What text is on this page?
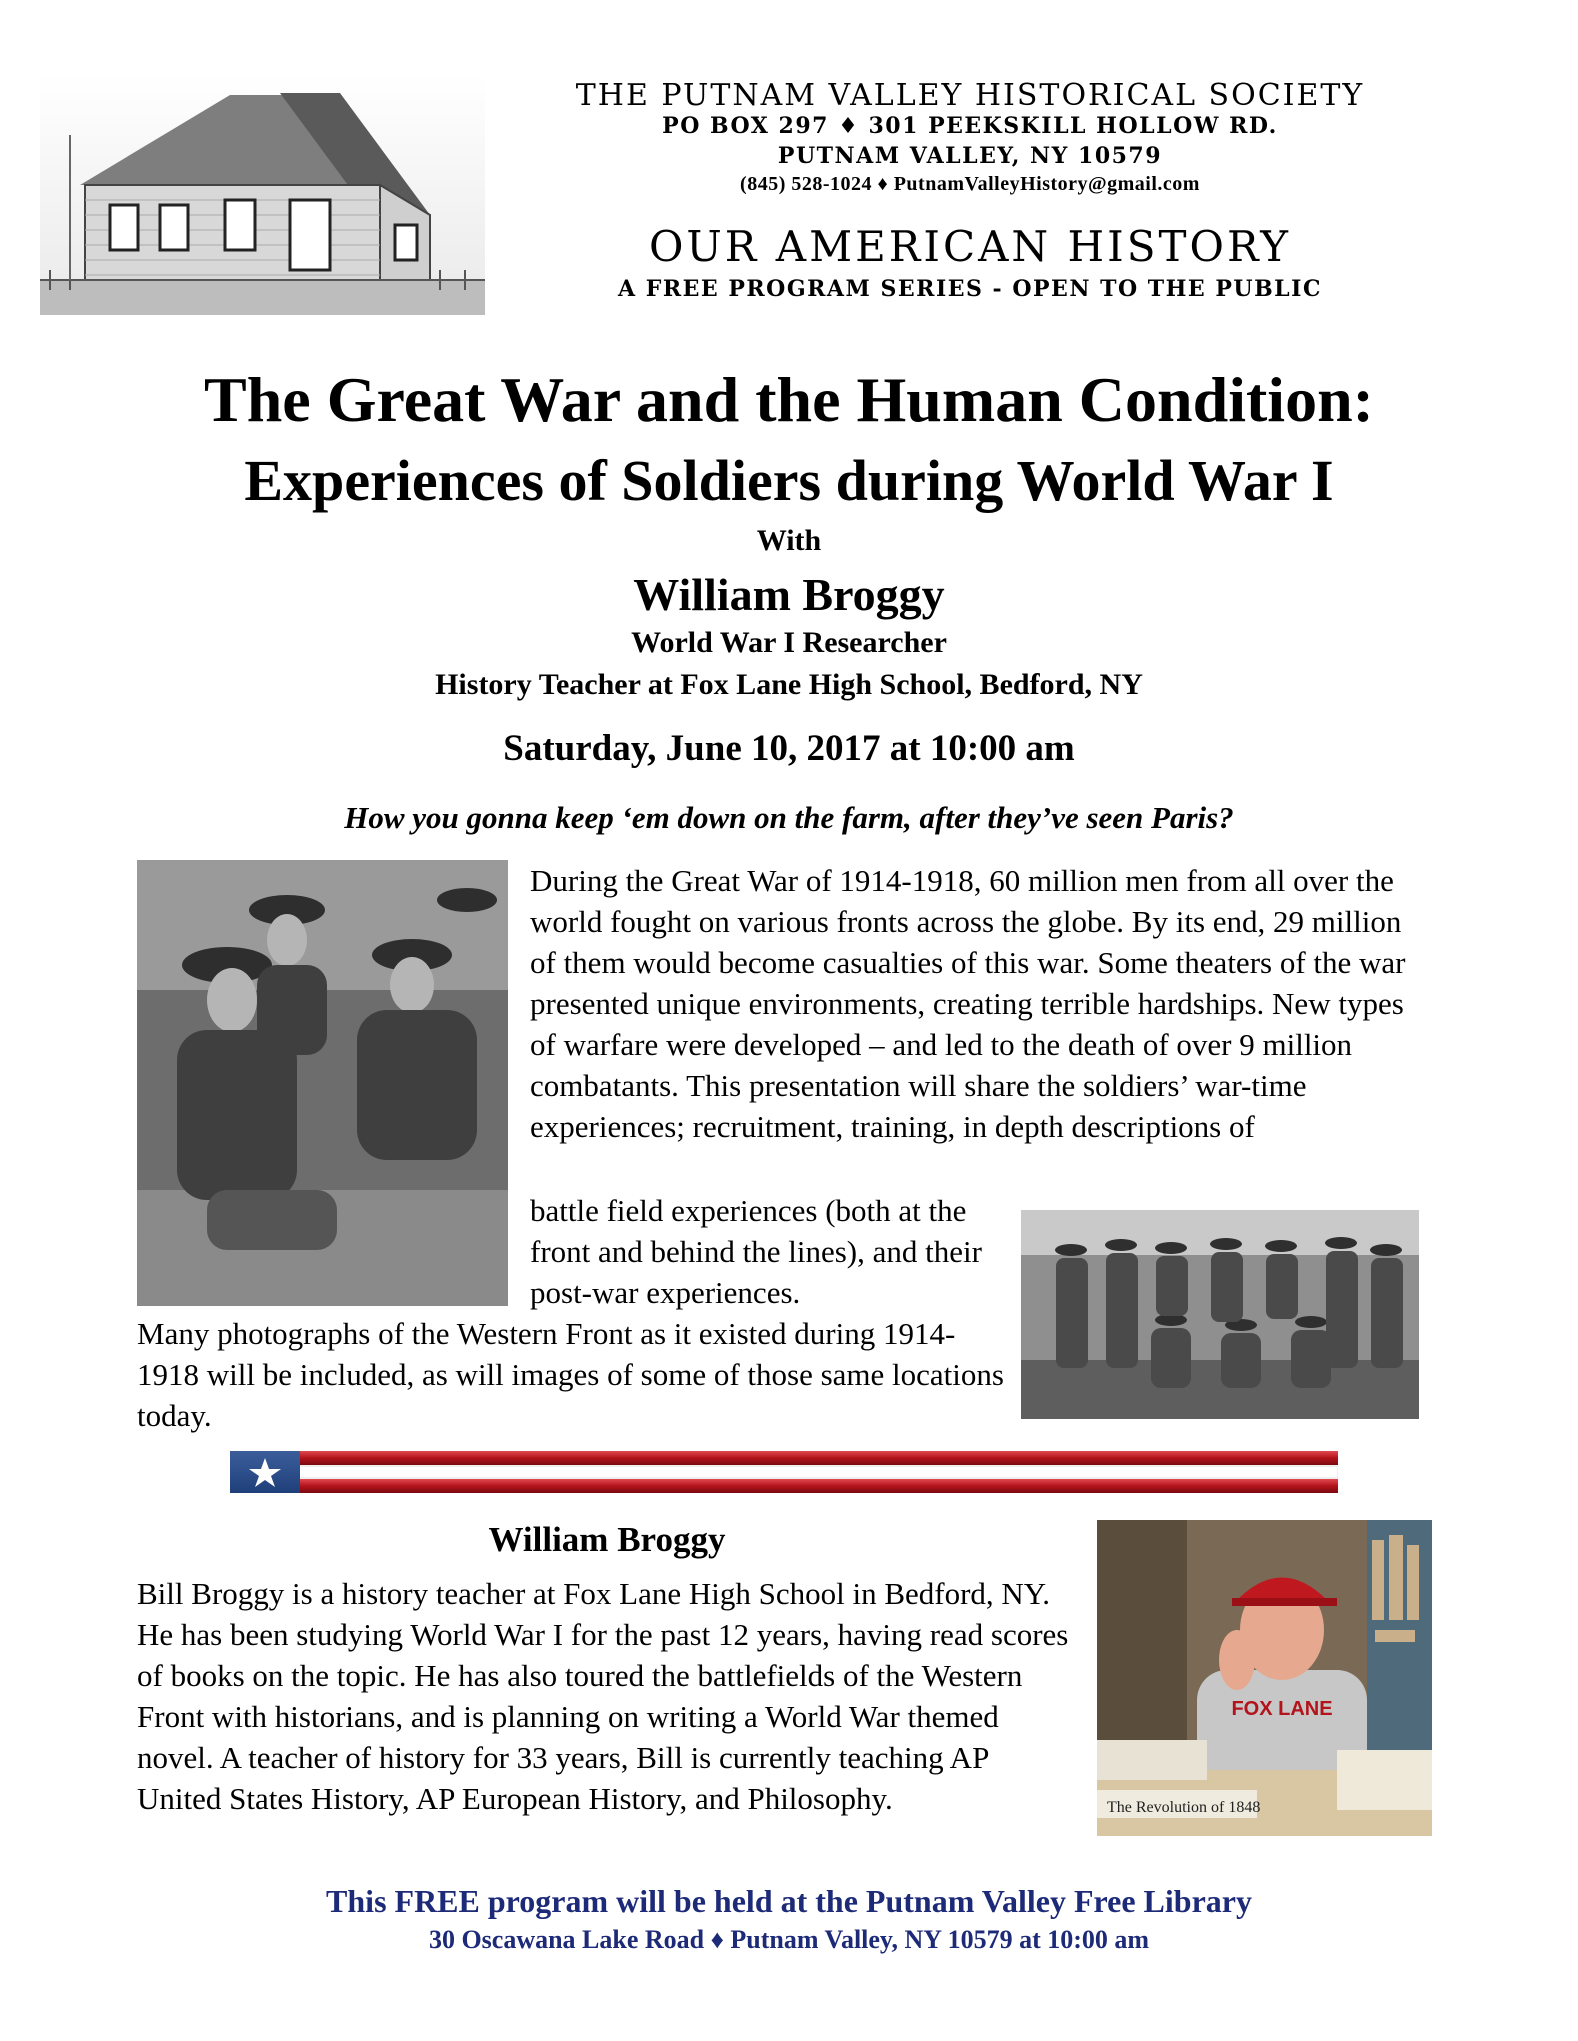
THE PUTNAM VALLEY HISTORICAL SOCIETY
PO BOX 297 ♦ 301 PEEKSKILL HOLLOW RD.
PUTNAM VALLEY, NY 10579
(845) 528-1024 ♦ PutnamValleyHistory@gmail.com
OUR AMERICAN HISTORY
A FREE PROGRAM SERIES - OPEN TO THE PUBLIC
The Great War and the Human Condition:
Experiences of Soldiers during World War I
With
William Broggy
World War I Researcher
History Teacher at Fox Lane High School, Bedford, NY
Saturday, June 10, 2017 at 10:00 am
How you gonna keep ‘em down on the farm, after they’ve seen Paris?
During the Great War of 1914-1918, 60 million men from all over the world fought on various fronts across the globe. By its end, 29 million of them would become casualties of this war. Some theaters of the war presented unique environments, creating terrible hardships. New types of warfare were developed – and led to the death of over 9 million combatants. This presentation will share the soldiers’ war-time experiences; recruitment, training, in depth descriptions of
battle field experiences (both at the front and behind the lines), and their post-war experiences.
Many photographs of the Western Front as it existed during 1914-1918 will be included, as will images of some of those same locations today.
William Broggy
Bill Broggy is a history teacher at Fox Lane High School in Bedford, NY. He has been studying World War I for the past 12 years, having read scores of books on the topic. He has also toured the battlefields of the Western Front with historians, and is planning on writing a World War themed novel. A teacher of history for 33 years, Bill is currently teaching AP United States History, AP European History, and Philosophy.
FOX LANE
The Revolution of 1848
This FREE program will be held at the Putnam Valley Free Library
30 Oscawana Lake Road ♦ Putnam Valley, NY 10579 at 10:00 am
